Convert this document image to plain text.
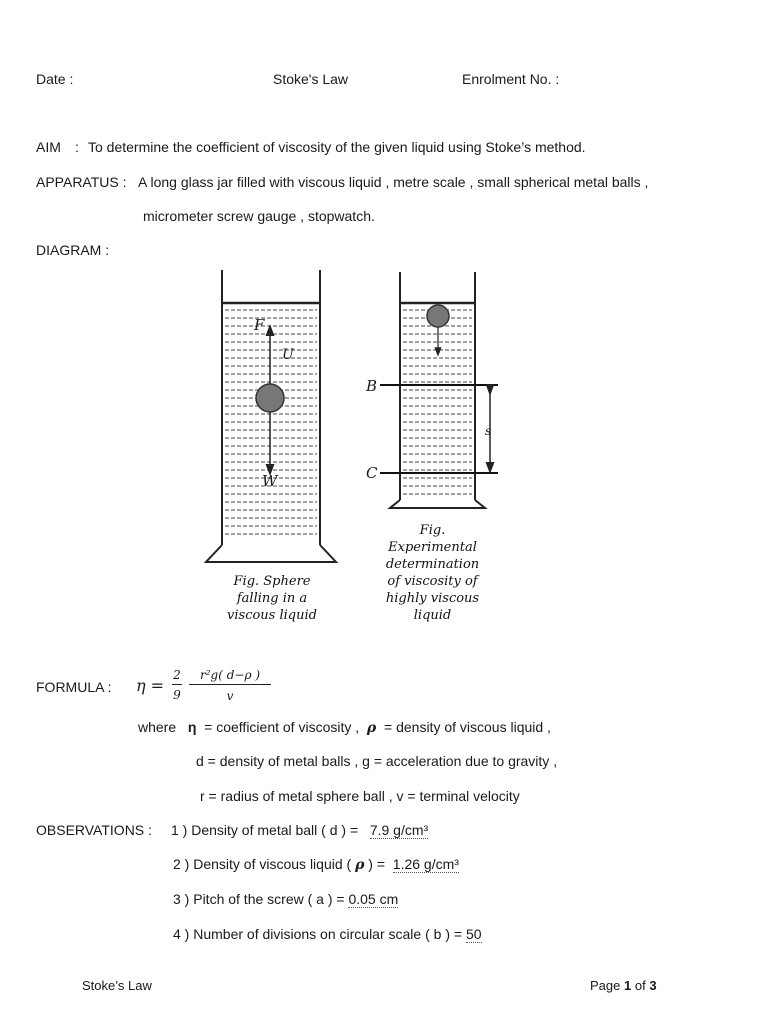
Date :	Stoke's Law	Enrolment No. :
AIM : To determine the coefficient of viscosity of the given liquid using Stoke’s method.
APPARATUS : A long glass jar filled with viscous liquid , metre scale , small spherical metal balls ,
micrometer screw gauge , stopwatch.
DIAGRAM :
F
U
W
B
C
s
Fig. Sphere
falling in a
viscous liquid
Fig.
Experimental
determination
of viscosity of
highly viscous
liquid
FORMULA : η =
2
9
r²g( d−ρ )
v
where η = coefficient of viscosity , ρ = density of viscous liquid ,
d = density of metal balls , g = acceleration due to gravity ,
r = radius of metal sphere ball , v = terminal velocity
OBSERVATIONS : 1 ) Density of metal ball ( d ) = 7.9 g/cm³
2 ) Density of viscous liquid ( ρ ) = 1.26 g/cm³
3 ) Pitch of the screw ( a ) = 0.05 cm
4 ) Number of divisions on circular scale ( b ) = 50
Stoke’s Law	Page 1 of 3
